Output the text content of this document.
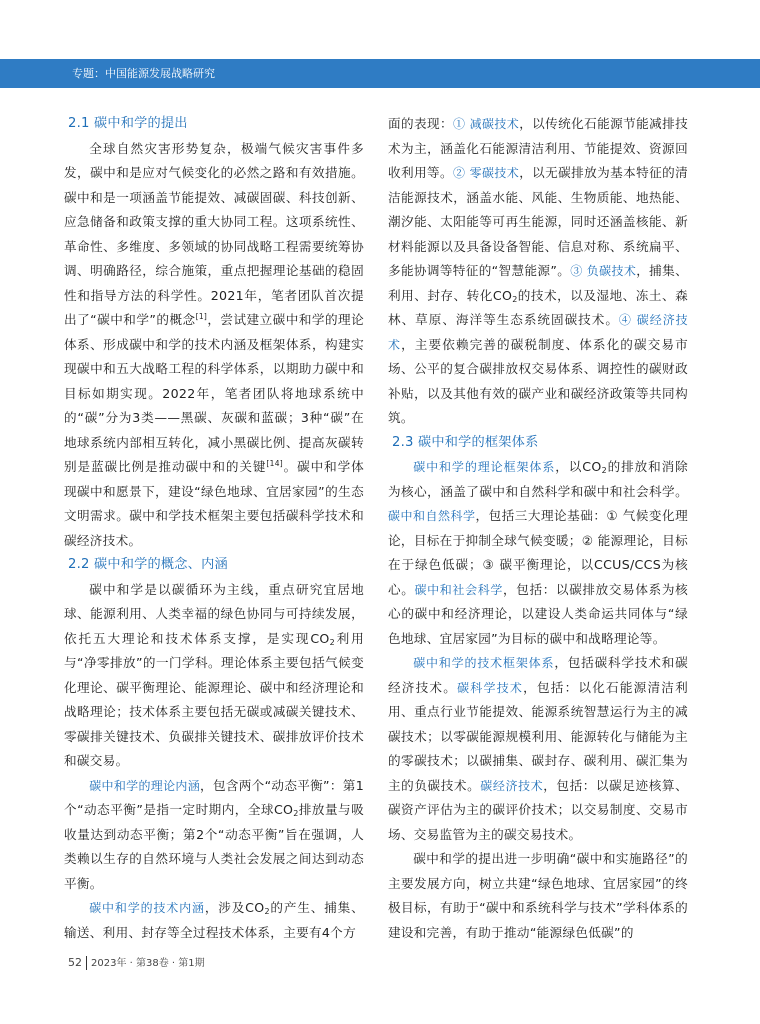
专题：中国能源发展战略研究
2.1 碳中和学的提出

全球自然灾害形势复杂，极端气候灾害事件多发，碳中和是应对气候变化的必然之路和有效措施。碳中和是一项涵盖节能提效、减碳固碳、科技创新、应急储备和政策支撑的重大协同工程。这项系统性、革命性、多维度、多领域的协同战略工程需要统筹协调、明确路径，综合施策，重点把握理论基础的稳固性和指导方法的科学性。2021年，笔者团队首次提出了“碳中和学”的概念[1]，尝试建立碳中和学的理论体系、形成碳中和学的技术内涵及框架体系，构建实现碳中和五大战略工程的科学体系，以期助力碳中和目标如期实现。2022年，笔者团队将地球系统中的“碳”分为3类——黑碳、灰碳和蓝碳；3种“碳”在地球系统内部相互转化，减小黑碳比例、提高灰碳转别是蓝碳比例是推动碳中和的关键[14]。碳中和学体现碳中和愿景下，建设“绿色地球、宜居家园”的生态文明需求。碳中和学技术框架主要包括碳科学技术和碳经济技术。

2.2 碳中和学的概念、内涵

碳中和学是以碳循环为主线，重点研究宜居地球、能源利用、人类幸福的绿色协同与可持续发展，依托五大理论和技术体系支撑，是实现$CO_2$利用与“净零排放”的一门学科。理论体系主要包括气候变化理论、碳平衡理论、能源理论、碳中和经济理论和战略理论；技术体系主要包括无碳或减碳关键技术、零碳排关键技术、负碳排关键技术、碳排放评价技术和碳交易。

碳中和学的理论内涵，包含两个“动态平衡”：第1个“动态平衡”是指一定时期内，全球$CO_2$排放量与吸收量达到动态平衡；第2个“动态平衡”旨在强调，人类赖以生存的自然环境与人类社会发展之间达到动态平衡。

碳中和学的技术内涵，涉及$CO_2$的产生、捕集、输送、利用、封存等全过程技术体系，主要有4个方

面的表现：① 减碳技术，以传统化石能源节能减排技术为主，涵盖化石能源清洁利用、节能提效、资源回收利用等。② 零碳技术，以无碳排放为基本特征的清洁能源技术，涵盖水能、风能、生物质能、地热能、潮汐能、太阳能等可再生能源，同时还涵盖核能、新材料能源以及具备设备智能、信息对称、系统扁平、多能协调等特征的“智慧能源”。③ 负碳技术，捕集、利用、封存、转化$CO_2$的技术，以及湿地、冻土、森林、草原、海洋等生态系统固碳技术。④ 碳经济技术，主要依赖完善的碳税制度、体系化的碳交易市场、公平的复合碳排放权交易体系、调控性的碳财政补贴，以及其他有效的碳产业和碳经济政策等共同构筑。

2.3 碳中和学的框架体系

碳中和学的理论框架体系，以$CO_2$的排放和消除为核心，涵盖了碳中和自然科学和碳中和社会科学。碳中和自然科学，包括三大理论基础：① 气候变化理论，目标在于抑制全球气候变暖；② 能源理论，目标在于绿色低碳；③ 碳平衡理论，以CCUS/CCS为核心。碳中和社会科学，包括：以碳排放交易体系为核心的碳中和经济理论，以建设人类命运共同体与“绿色地球、宜居家园”为目标的碳中和战略理论等。

碳中和学的技术框架体系，包括碳科学技术和碳经济技术。碳科学技术，包括：以化石能源清洁利用、重点行业节能提效、能源系统智慧运行为主的减碳技术；以零碳能源规模利用、能源转化与储能为主的零碳技术；以碳捕集、碳封存、碳利用、碳汇集为主的负碳技术。碳经济技术，包括：以碳足迹核算、碳资产评估为主的碳评价技术；以交易制度、交易市场、交易监管为主的碳交易技术。

碳中和学的提出进一步明确“碳中和实施路径”的主要发展方向，树立共建“绿色地球、宜居家园”的终极目标，有助于“碳中和系统科学与技术”学科体系的建设和完善，有助于推动“能源绿色低碳”的

52 2023年 · 第38卷 · 第1期
